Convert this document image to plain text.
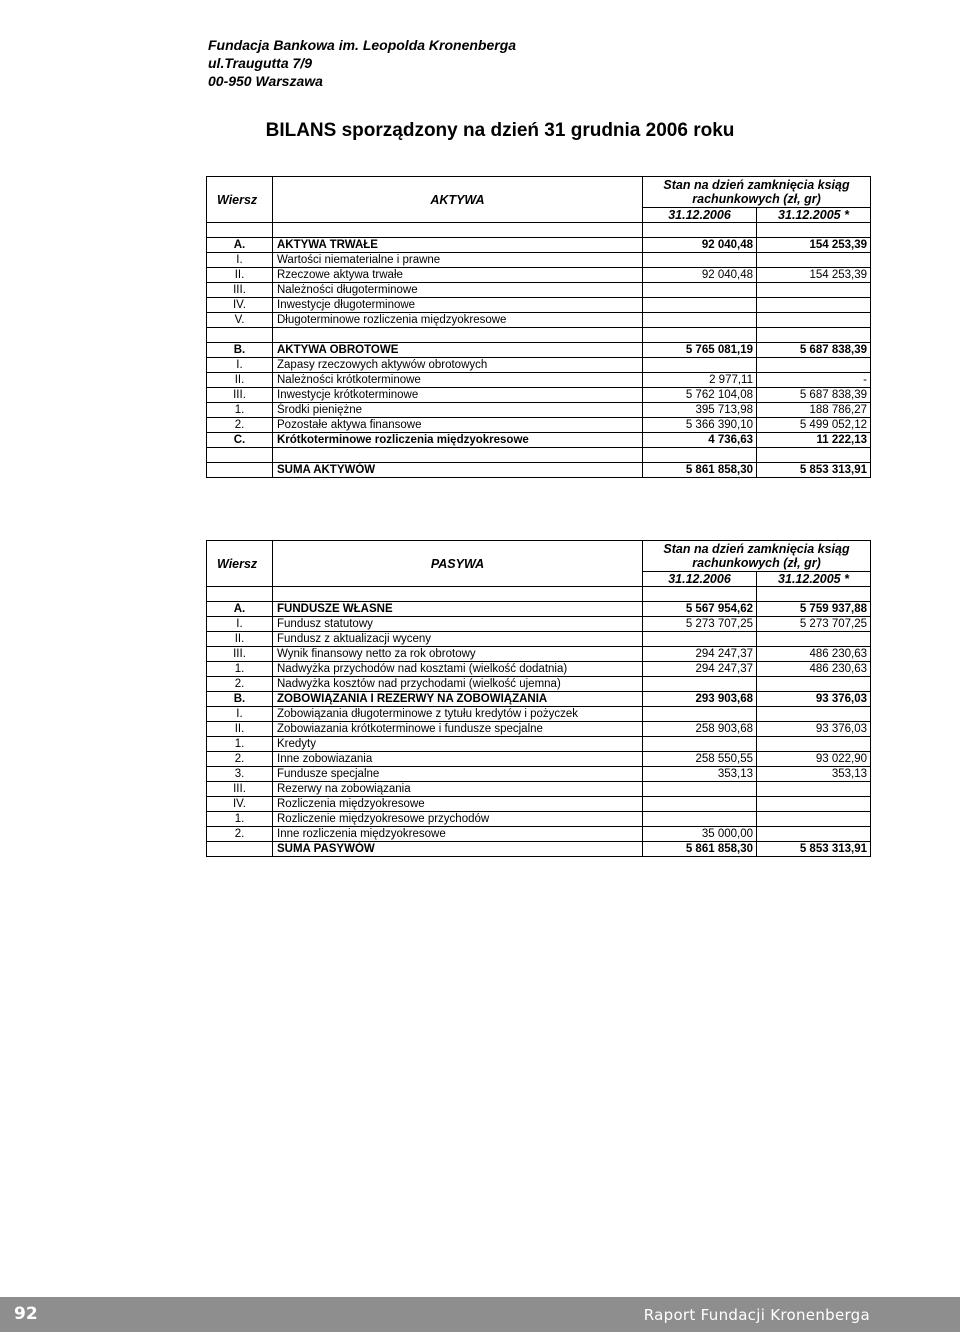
Fundacja Bankowa im. Leopolda Kronenberga
ul.Traugutta 7/9
00-950 Warszawa
BILANS sporządzony na dzień 31 grudnia 2006 roku
Wiersz	AKTYWA	Stan na dzień zamknięcia ksiąg
rachunkowych (zł, gr)	

		31.12.2006	31.12.2005 *

A.	AKTYWA TRWAŁE	92 040,48	154 253,39
I.	Wartości niematerialne i prawne		
II.	Rzeczowe aktywa trwałe	92 040,48	154 253,39
III.	Należności długoterminowe		
IV.	Inwestycje długoterminowe		
V.	Długoterminowe rozliczenia międzyokresowe		

B.	AKTYWA OBROTOWE	5 765 081,19	5 687 838,39
I.	Zapasy rzeczowych aktywów obrotowych		
II.	Należności krótkoterminowe	2 977,11	-
III.	Inwestycje krótkoterminowe	5 762 104,08	5 687 838,39
1.	Środki pieniężne	395 713,98	188 786,27
2.	Pozostałe aktywa finansowe	5 366 390,10	5 499 052,12
C.	Krótkoterminowe rozliczenia międzyokresowe	4 736,63	11 222,13

	SUMA AKTYWÓW	5 861 858,30	5 853 313,91
Wiersz	PASYWA	Stan na dzień zamknięcia ksiąg
rachunkowych (zł, gr)	

		31.12.2006	31.12.2005 *

A.	FUNDUSZE WŁASNE	5 567 954,62	5 759 937,88
I.	Fundusz statutowy	5 273 707,25	5 273 707,25
II.	Fundusz z aktualizacji wyceny		
III.	Wynik finansowy netto za rok obrotowy	294 247,37	486 230,63
1.	Nadwyżka przychodów nad kosztami (wielkość dodatnia)	294 247,37	486 230,63
2.	Nadwyżka kosztów nad przychodami (wielkość ujemna)		
B.	ZOBOWIĄZANIA I REZERWY NA ZOBOWIĄZANIA	293 903,68	93 376,03
I.	Zobowiązania długoterminowe z tytułu kredytów i pożyczek		
II.	Zobowiazania krótkoterminowe i fundusze specjalne	258 903,68	93 376,03
1.	Kredyty		
2.	Inne zobowiazania	258 550,55	93 022,90
3.	Fundusze specjalne	353,13	353,13
III.	Rezerwy na zobowiązania		
IV.	Rozliczenia międzyokresowe		
1.	Rozliczenie międzyokresowe przychodów		
2.	Inne rozliczenia międzyokresowe	35 000,00	
	SUMA PASYWÓW	5 861 858,30	5 853 313,91
92	Raport Fundacji Kronenberga
